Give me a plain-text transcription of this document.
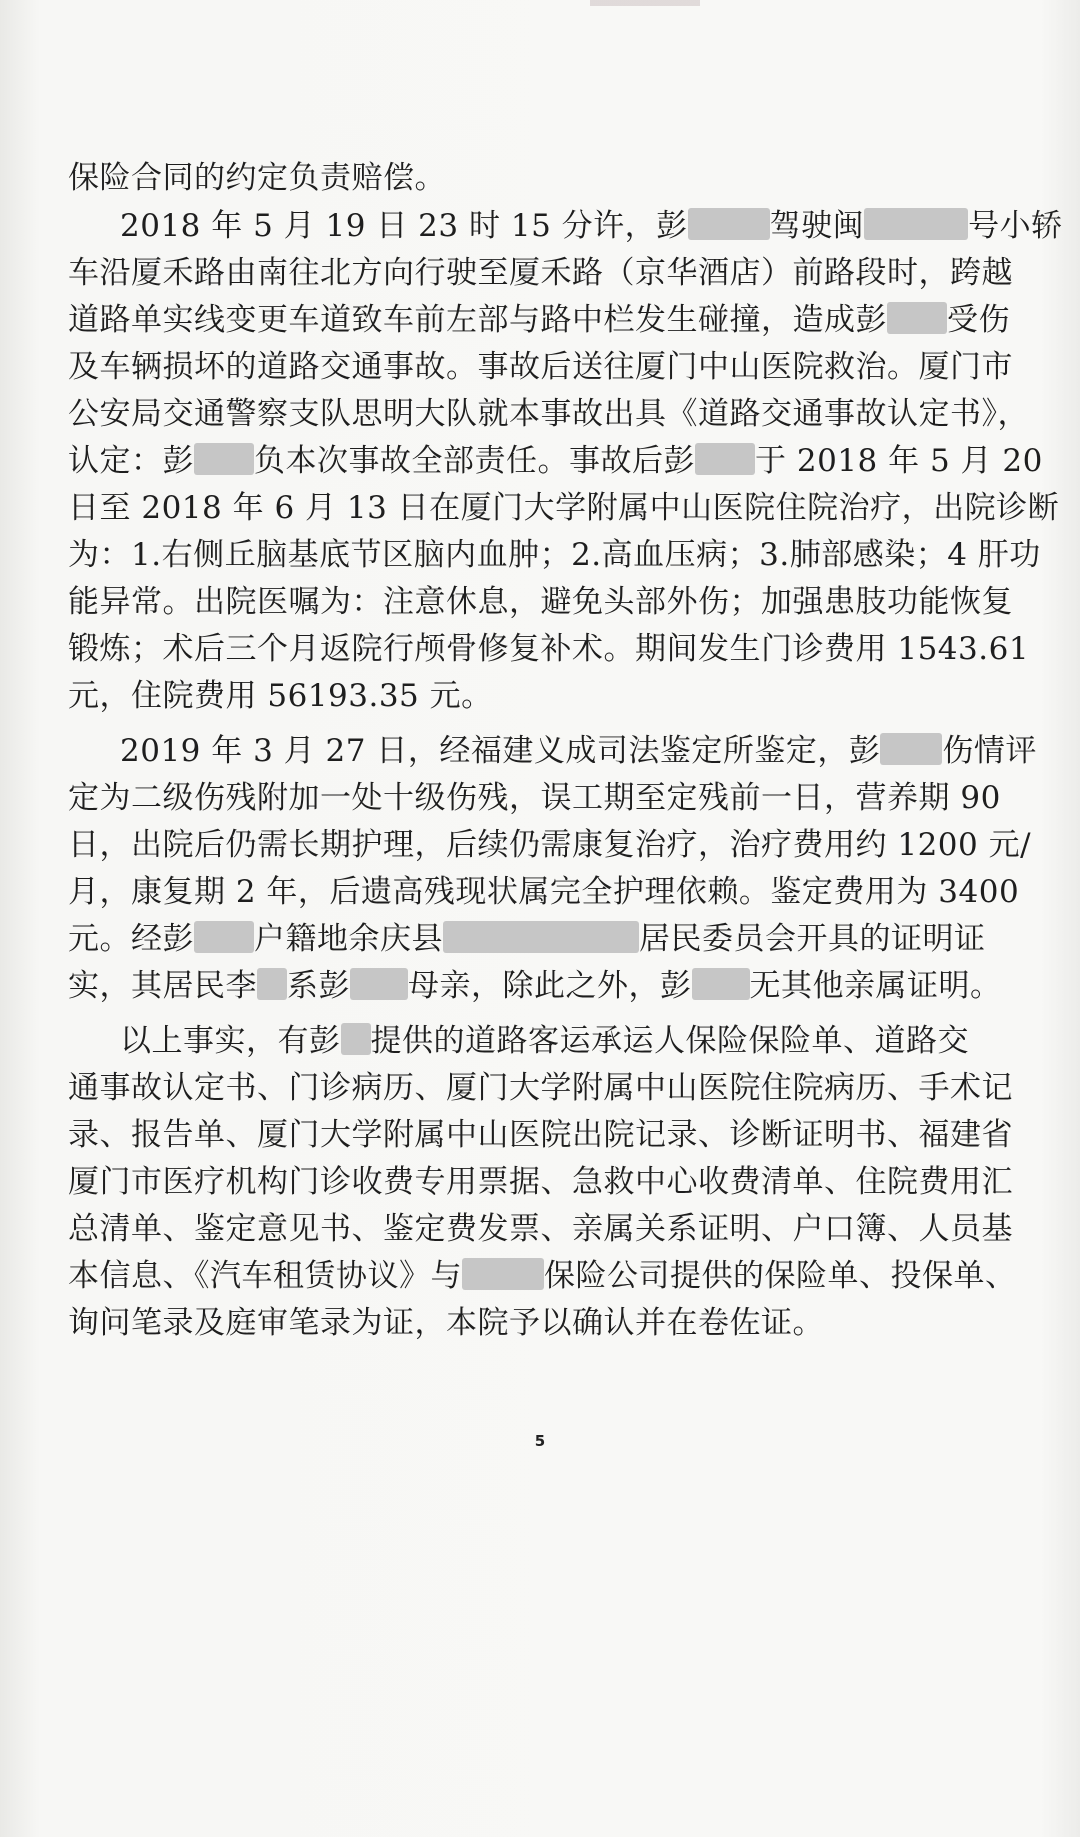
保险合同的约定负责赔偿。

2018 年 5 月 19 日 23 时 15 分许，彭	驾驶闽	号小轿

车沿厦禾路由南往北方向行驶至厦禾路（京华酒店）前路段时，跨越

道路单实线变更车道致车前左部与路中栏发生碰撞，造成彭 受伤

及车辆损坏的道路交通事故。事故后送往厦门中山医院救治。厦门市

公安局交通警察支队思明大队就本事故出具《道路交通事故认定书》，

认定：彭 负本次事故全部责任。事故后彭 于 2018 年 5 月 20

日至 2018 年 6 月 13 日在厦门大学附属中山医院住院治疗，出院诊断

为：1.右侧丘脑基底节区脑内血肿；2.高血压病；3.肺部感染；4 肝功

能异常。出院医嘱为：注意休息，避免头部外伤；加强患肢功能恢复

锻炼；术后三个月返院行颅骨修复补术。期间发生门诊费用 1543.61

元，住院费用 56193.35 元。

2019 年 3 月 27 日，经福建义成司法鉴定所鉴定，彭 伤情评

定为二级伤残附加一处十级伤残，误工期至定残前一日，营养期 90

日，出院后仍需长期护理，后续仍需康复治疗，治疗费用约 1200 元/

月，康复期 2 年，后遗高残现状属完全护理依赖。鉴定费用为 3400

元。经彭 户籍地余庆县	居民委员会开具的证明证

实，其居民李 系彭 母亲，除此之外，彭 无其他亲属证明。

以上事实，有彭 提供的道路客运承运人保险保险单、道路交

通事故认定书、门诊病历、厦门大学附属中山医院住院病历、手术记

录、报告单、厦门大学附属中山医院出院记录、诊断证明书、福建省

厦门市医疗机构门诊收费专用票据、急救中心收费清单、住院费用汇

总清单、鉴定意见书、鉴定费发票、亲属关系证明、户口簿、人员基

本信息、《汽车租赁协议》与	保险公司提供的保险单、投保单、

询问笔录及庭审笔录为证，本院予以确认并在卷佐证。

5
